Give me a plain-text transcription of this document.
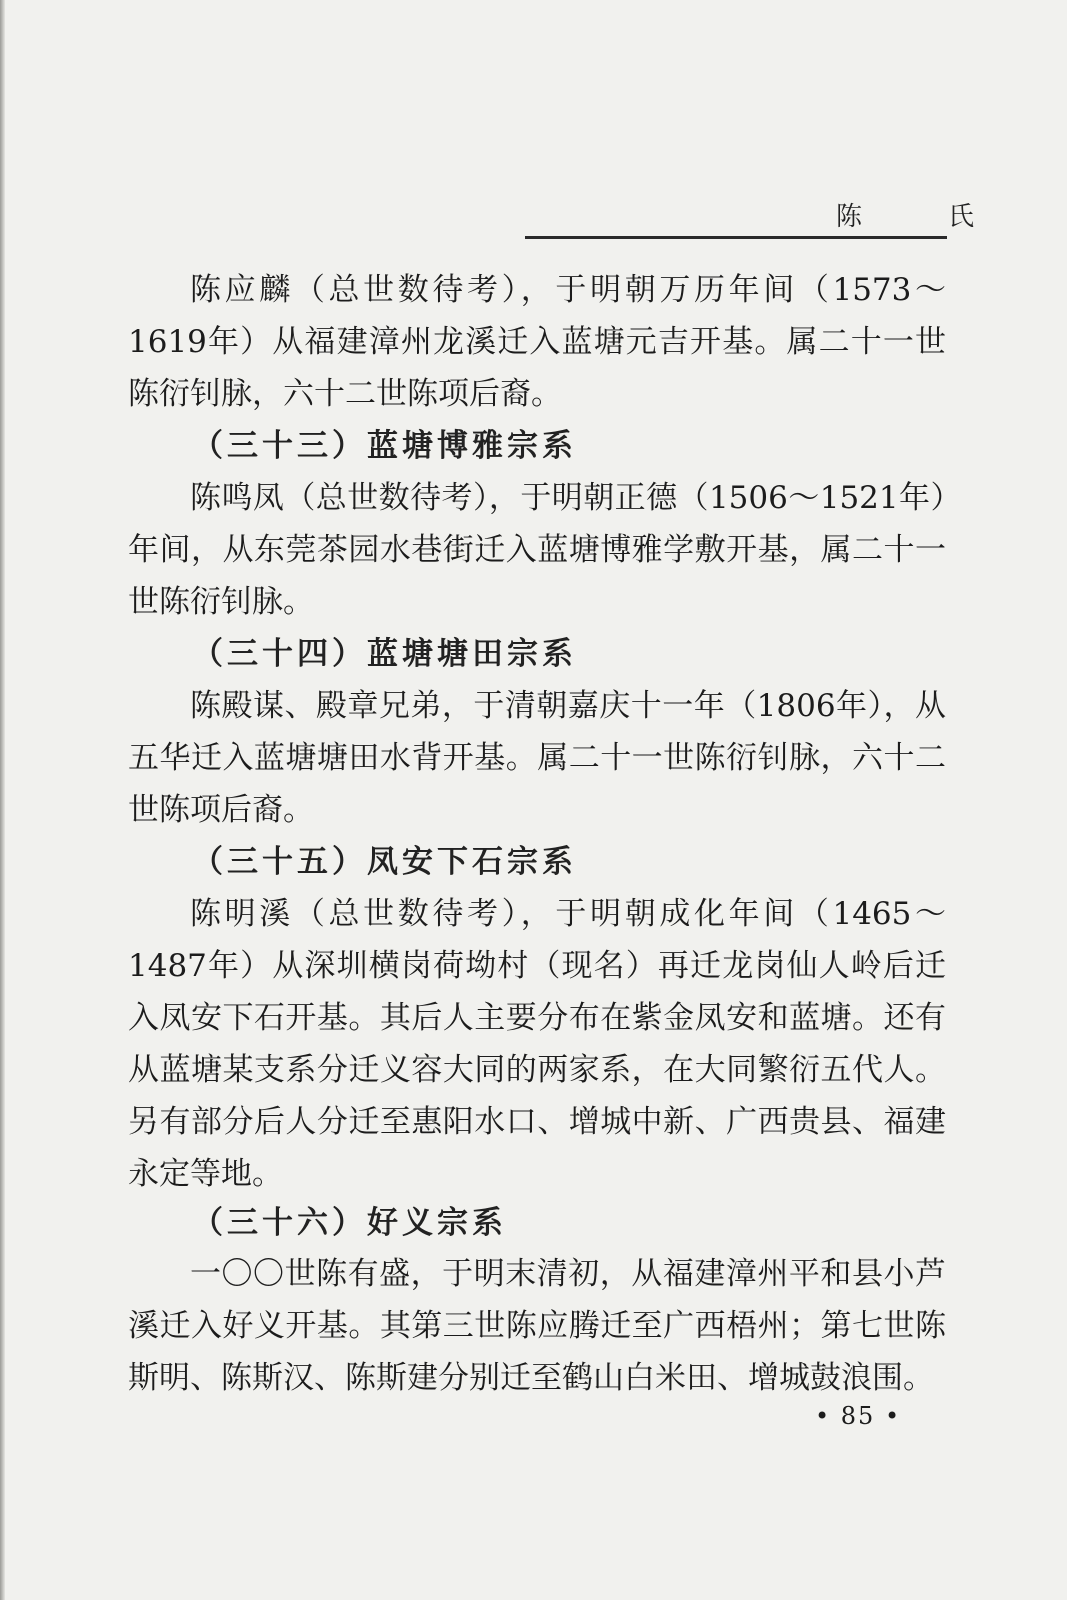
陈　氏

陈应麟（总世数待考），于明朝万历年间（1573～1619年）从福建漳州龙溪迁入蓝塘元吉开基。属二十一世陈衍钊脉，六十二世陈项后裔。

（三十三）蓝塘博雅宗系

陈鸣凤（总世数待考），于明朝正德（1506～1521年）年间，从东莞茶园水巷街迁入蓝塘博雅学敷开基，属二十一世陈衍钊脉。

（三十四）蓝塘塘田宗系

陈殿谋、殿章兄弟，于清朝嘉庆十一年（1806年），从五华迁入蓝塘塘田水背开基。属二十一世陈衍钊脉，六十二世陈项后裔。

（三十五）凤安下石宗系

陈明溪（总世数待考），于明朝成化年间（1465～1487年）从深圳横岗荷坳村（现名）再迁龙岗仙人岭后迁入凤安下石开基。其后人主要分布在紫金凤安和蓝塘。还有从蓝塘某支系分迁义容大同的两家系，在大同繁衍五代人。另有部分后人分迁至惠阳水口、增城中新、广西贵县、福建永定等地。

（三十六）好义宗系

一〇〇世陈有盛，于明末清初，从福建漳州平和县小芦溪迁入好义开基。其第三世陈应腾迁至广西梧州；第七世陈斯明、陈斯汉、陈斯建分别迁至鹤山白米田、增城鼓浪围。

• 85 •
